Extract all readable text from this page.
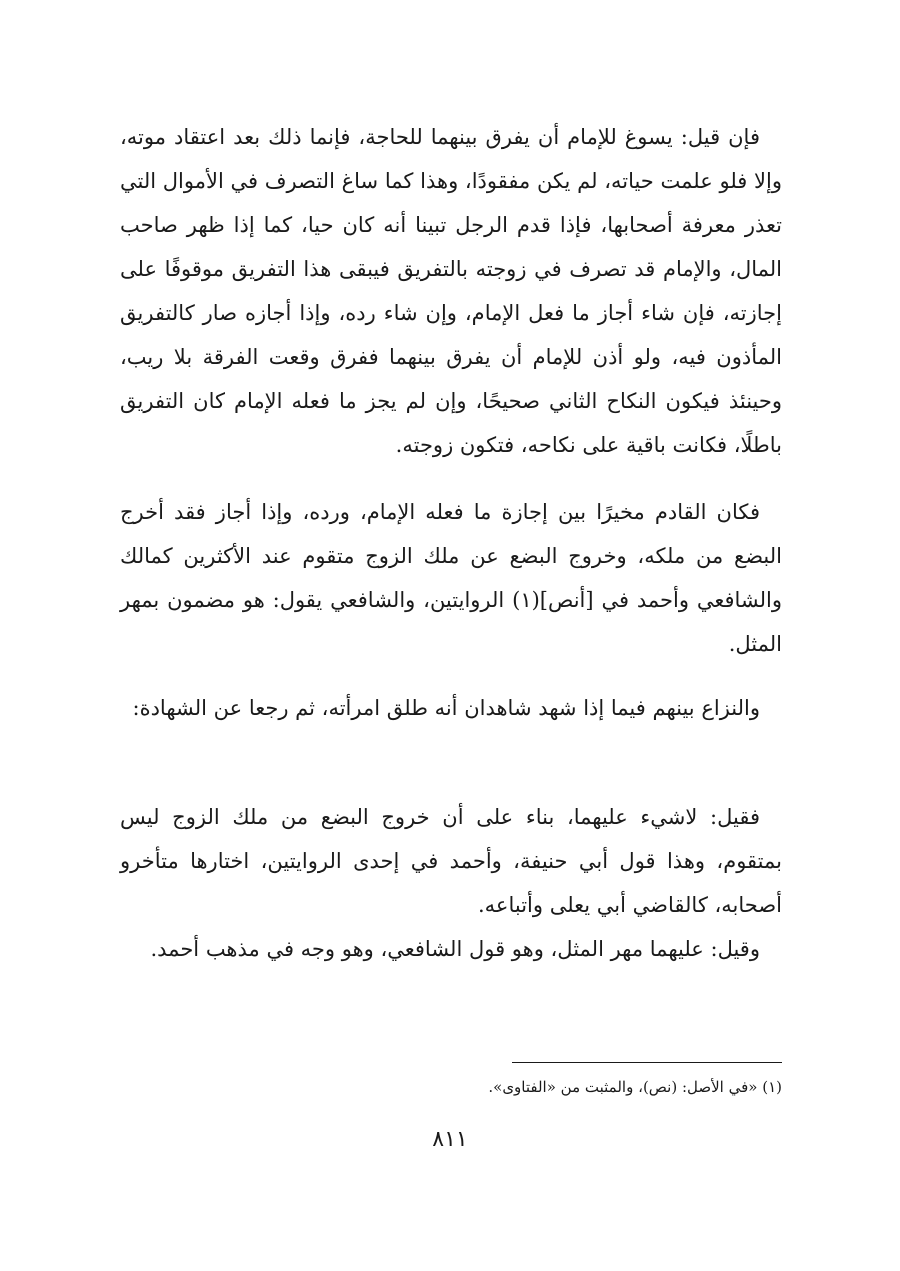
فإن قيل: يسوغ للإمام أن يفرق بينهما للحاجة، فإنما ذلك بعد اعتقاد موته، وإلا فلو علمت حياته، لم يكن مفقودًا، وهذا كما ساغ التصرف في الأموال التي تعذر معرفة أصحابها، فإذا قدم الرجل تبينا أنه كان حيا، كما إذا ظهر صاحب المال، والإمام قد تصرف في زوجته بالتفريق فيبقى هذا التفريق موقوفًا على إجازته، فإن شاء أجاز ما فعل الإمام، وإن شاء رده، وإذا أجازه صار كالتفريق المأذون فيه، ولو أذن للإمام أن يفرق بينهما ففرق وقعت الفرقة بلا ريب، وحينئذ فيكون النكاح الثاني صحيحًا، وإن لم يجز ما فعله الإمام كان التفريق باطلًا، فكانت باقية على نكاحه، فتكون زوجته.

فكان القادم مخيرًا بين إجازة ما فعله الإمام، ورده، وإذا أجاز فقد أخرج البضع من ملكه، وخروج البضع عن ملك الزوج متقوم عند الأكثرين كمالك والشافعي وأحمد في [أنص](١) الروايتين، والشافعي يقول: هو مضمون بمهر المثل.

والنزاع بينهم فيما إذا شهد شاهدان أنه طلق امرأته، ثم رجعا عن الشهادة:

فقيل: لاشيء عليهما، بناء على أن خروج البضع من ملك الزوج ليس بمتقوم، وهذا قول أبي حنيفة، وأحمد في إحدى الروايتين، اختارها متأخرو أصحابه، كالقاضي أبي يعلى وأتباعه.

وقيل: عليهما مهر المثل، وهو قول الشافعي، وهو وجه في مذهب أحمد.

(١) «في الأصل: (نص)، والمثبت من «الفتاوى».
٨١١
